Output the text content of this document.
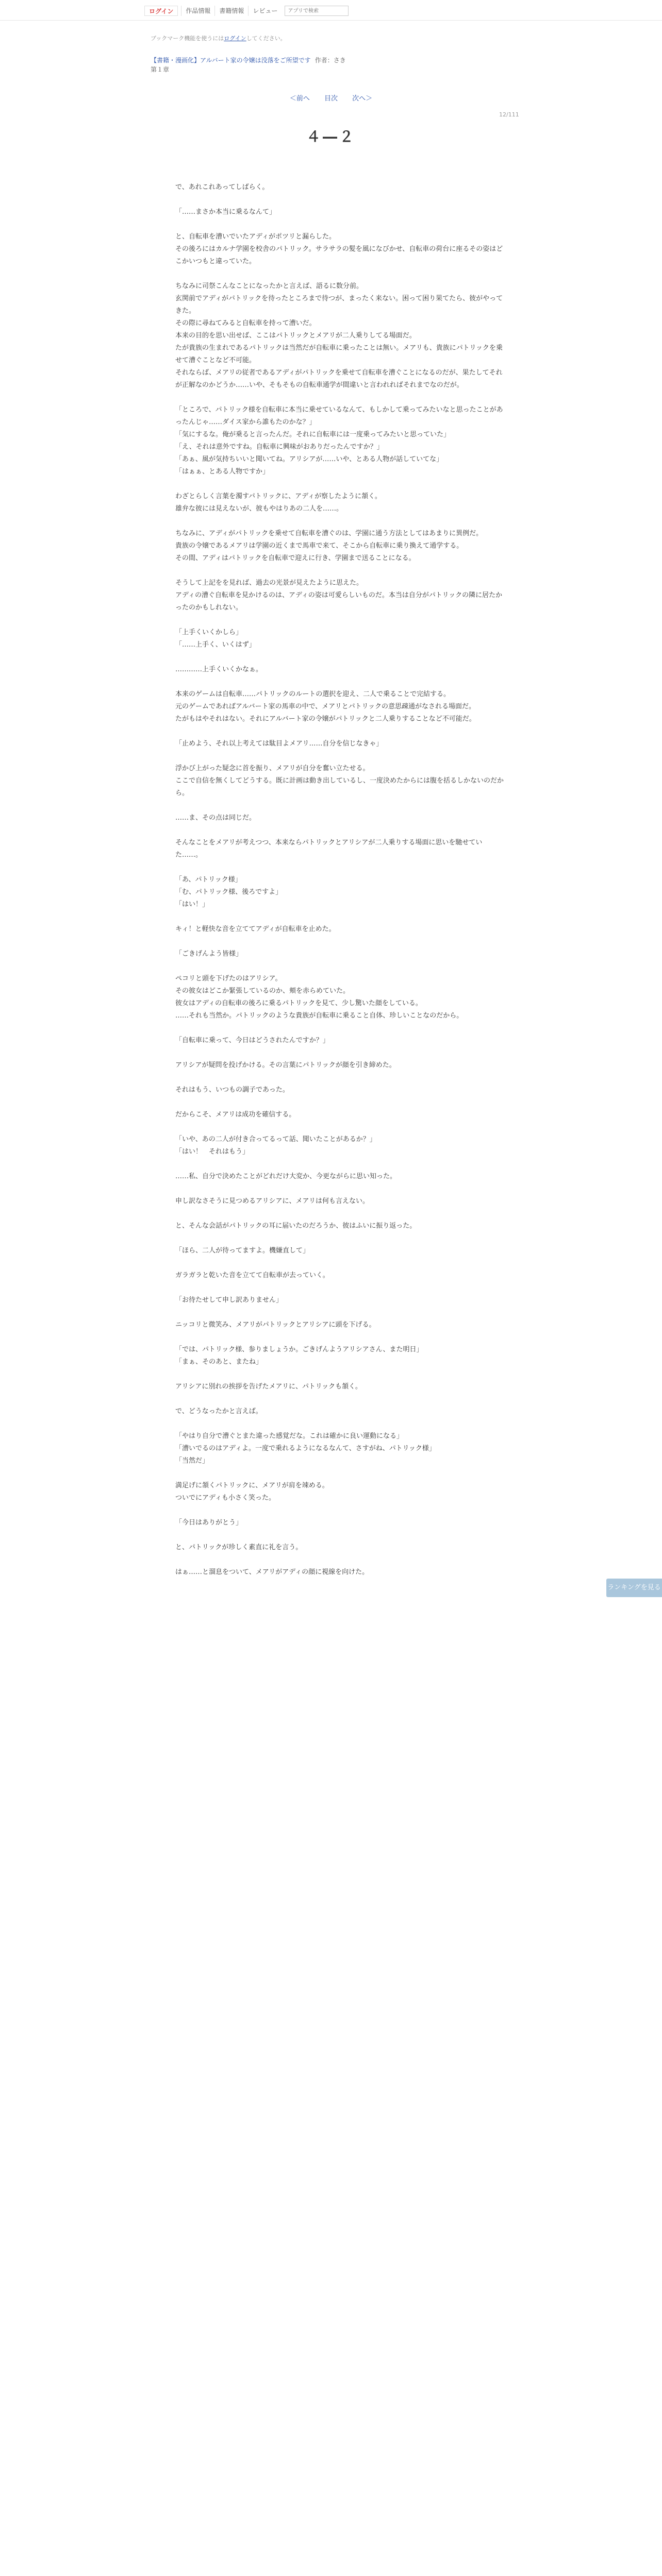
ログイン	作品情報	書籍情報	レビュー
アプリで検索
ブックマーク機能を使うにはログインしてください。
【書籍・漫画化】アルバート家の令嬢は没落をご所望です 作者：さき
第１章
＜前へ 目次 次へ＞
12/111
４―２

で、あれこれあってしばらく。

「……まさか本当に乗るなんて」

と、自転車を漕いでいたアディがポツリと漏らした。

その後ろにはカルナ学園を校舎のパトリック。サラサラの髪を風になびかせ、自転車の荷台に座るその姿はどこかいつもと違っていた。

ちなみに司祭こんなことになったかと言えば、語るに数分前。

玄関前でアディがパトリックを待ったところまで待つが、まったく来ない。困って困り果てたら、彼がやってきた。

その際に尋ねてみると自転車を持って漕いだ。

本来の目的を思い出せば、ここはパトリックとメアリが二人乗りしてる場面だ。

たが貴族の生まれであるパトリックは当然だが自転車に乗ったことは無い。メアリも、貴族にパトリックを乗せて漕ぐことなど不可能。

それならば、メアリの従者であるアディがパトリックを乗せて自転車を漕ぐことになるのだが、果たしてそれが正解なのかどうか……いや、そもそもの自転車通学が間違いと言われればそれまでなのだが。

「ところで、パトリック様を自転車に本当に乗せているなんて、もしかして乗ってみたいなと思ったことがあったんじゃ……ダイス家から誰もたのかな？」

「気にするな。俺が乗ると言ったんだ。それに自転車には一度乗ってみたいと思っていた」

「え、それは意外ですね。自転車に興味がおありだったんですか？」

「あぁ、風が気持ちいいと聞いてね。アリシアが……いや、とある人物が話していてな」

「はぁぁ、とある人物ですか」

わざとらしく言葉を濁すパトリックに、アディが察したように頷く。

雄弁な彼には見えないが、彼もやはりあの二人を……。

ちなみに、アディがパトリックを乗せて自転車を漕ぐのは、学園に通う方法としてはあまりに異例だ。

貴族の令嬢であるメアリは学園の近くまで馬車で来て、そこから自転車に乗り換えて通学する。

その間、アディはパトリックを自転車で迎えに行き、学園まで送ることになる。

そうして上記をを見れば、過去の光景が見えたように思えた。

アディの漕ぐ自転車を見かけるのは、アディの姿は可愛らしいものだ。本当は自分がパトリックの隣に居たかったのかもしれない。

「上手くいくかしら」

「……上手く、いくはず」

…………上手くいくかなぁ。

本来のゲームは自転車……パトリックのルートの選択を迎え、二人で乗ることで完結する。

元のゲームであればアルバート家の馬車の中で、メアリとパトリックの意思疎通がなされる場面だ。

たがもはやそれはない。それにアルバート家の令嬢がパトリックと二人乗りすることなど不可能だ。

「止めよう、それ以上考えては駄目よメアリ……自分を信じなきゃ」

浮かび上がった疑念に首を振り、メアリが自分を奮い立たせる。

ここで自信を無くしてどうする。既に計画は動き出しているし、一度決めたからには腹を括るしかないのだから。

……ま、その点は同じだ。

そんなことをメアリが考えつつ、本来ならパトリックとアリシアが二人乗りする場面に思いを馳せていた……。

「あ、パトリック様」

「む、パトリック様、後ろですよ」

「はい！」

キィ！と軽快な音を立ててアディが自転車を止めた。

「ごきげんよう皆様」

ペコリと頭を下げたのはアリシア。

その彼女はどこか緊張しているのか、頬を赤らめていた。

彼女はアディの自転車の後ろに乗るパトリックを見て、少し驚いた顔をしている。

……それも当然か。パトリックのような貴族が自転車に乗ること自体、珍しいことなのだから。

「自転車に乗って、今日はどうされたんですか？」

アリシアが疑問を投げかける。その言葉にパトリックが顔を引き締めた。

それはもう、いつもの調子であった。

だからこそ、メアリは成功を確信する。

「いや、あの二人が付き合ってるって話、聞いたことがあるか？」

「はい！　それはもう」

……私、自分で決めたことがどれだけ大変か、今更ながらに思い知った。

申し訳なさそうに見つめるアリシアに、メアリは何も言えない。

と、そんな会話がパトリックの耳に届いたのだろうか、彼はふいに振り返った。

「ほら、二人が待ってますよ。機嫌直して」

ガラガラと乾いた音を立てて自転車が去っていく。

「お待たせして申し訳ありません」

ニッコリと微笑み、メアリがパトリックとアリシアに頭を下げる。

「では、パトリック様、参りましょうか。ごきげんようアリシアさん、また明日」

「まぁ、そのあと、またね」

アリシアに別れの挨拶を告げたメアリに、パトリックも頷く。

で、どうなったかと言えば。

「やはり自分で漕ぐとまた違った感覚だな。これは確かに良い運動になる」

「漕いでるのはアディよ。一度で乗れるようになるなんて、さすがね、パトリック様」

「当然だ」

満足げに頷くパトリックに、メアリが肩を竦める。

ついでにアディも小さく笑った。

「今日はありがとう」

と、パトリックが珍しく素直に礼を言う。

はぁ……と溜息をついて、メアリがアディの顔に視線を向けた。

ランキングを見る
